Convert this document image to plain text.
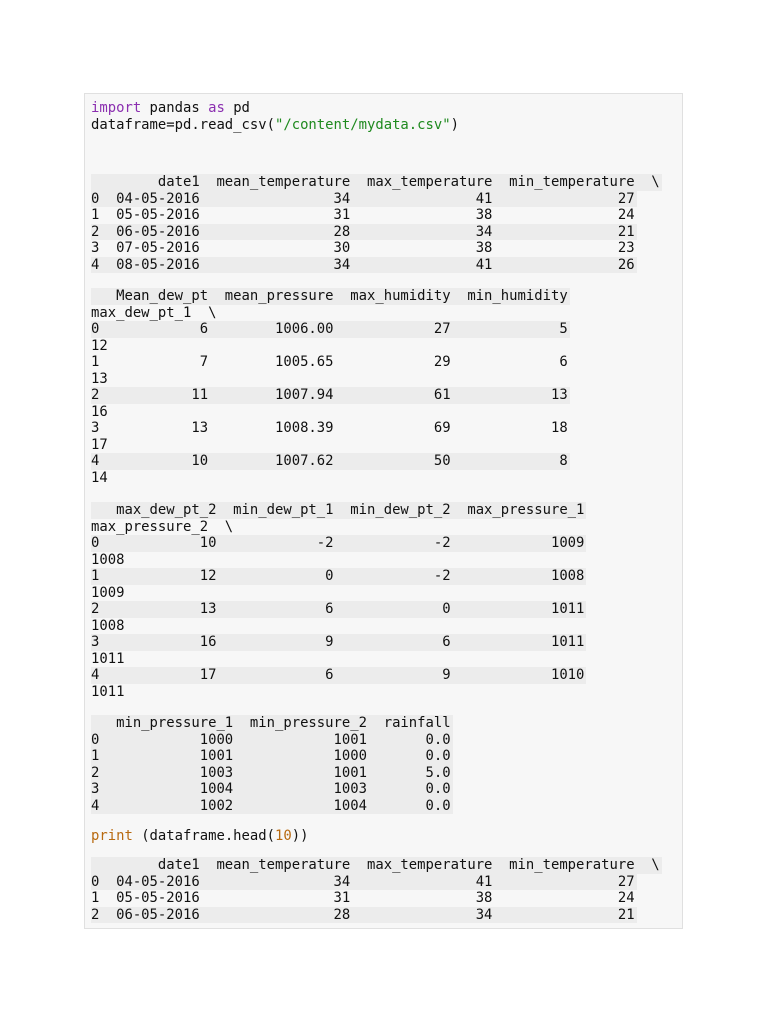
import pandas as pd
dataframe=pd.read_csv("/content/mydata.csv")
date1  mean_temperature  max_temperature  min_temperature  \
0  04-05-2016                34               41               27
1  05-05-2016                31               38               24
2  06-05-2016                28               34               21
3  07-05-2016                30               38               23
4  08-05-2016                34               41               26
Mean_dew_pt  mean_pressure  max_humidity  min_humidity
max_dew_pt_1  \
0            6        1006.00            27             5
12
1            7        1005.65            29             6
13
2           11        1007.94            61            13
16
3           13        1008.39            69            18
17
4           10        1007.62            50             8
14
max_dew_pt_2  min_dew_pt_1  min_dew_pt_2  max_pressure_1
max_pressure_2  \
0            10            -2            -2            1009
1008
1            12             0            -2            1008
1009
2            13             6             0            1011
1008
3            16             9             6            1011
1011
4            17             6             9            1010
1011
min_pressure_1  min_pressure_2  rainfall
0            1000            1001       0.0
1            1001            1000       0.0
2            1003            1001       5.0
3            1004            1003       0.0
4            1002            1004       0.0
print (dataframe.head(10))
date1  mean_temperature  max_temperature  min_temperature  \
0  04-05-2016                34               41               27
1  05-05-2016                31               38               24
2  06-05-2016                28               34               21
